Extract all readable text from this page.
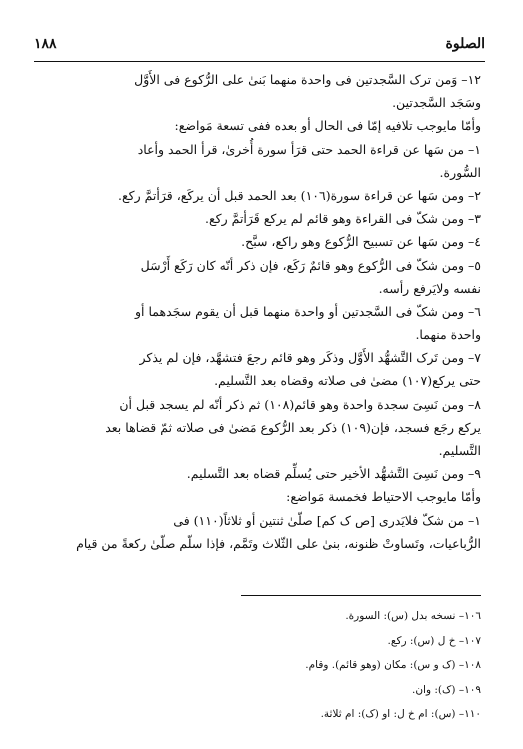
الصلوة
۱۸۸
۱۲– وَمن ترک السَّجدتین فی واحدة منهما بَنیٰ علی الرُّکوع فی الأَوَّل
وسَجَد السَّجدتین.
وأمّا مایوجب تلافیه إمّا فی الحال أو بعده ففی تسعة مَواضع:
۱– من سَها عن قراءة الحمد حتی قرَأ سورة أُخریٰ، قرأ الحمد وأعاد
السُّورة.
۲– ومن سَها عن قراءة سورة(۱۰٦) بعد الحمد قبل أن یرکَع، قرَأتمَّ رکع.
۳– ومن شکّ فی القراءة وهو قائم لم یرکع قَرَأتمَّ رکع.
٤– ومن سَها عن تسبیح الرُّکوع وهو راکع، سبَّح.
٥– ومن شکّ فی الرُّکوع وهو قائمٌ رَکَع، فإن ذکر أنّه کان رَکَع أَرْسَل
نفسه ولایَرفع رأسه.
٦– ومن شکّ فی السَّجدتین أو واحدة منهما قبل أن یقوم سجَدهما أو
واحدة منهما.
۷– ومن تَرک التَّشهُّد الأَوَّل وذکَر وهو قائم رجعَ فتشهَّد، فإن لم یذکر
حتی یرکع(۱۰۷) مضیٰ فی صلاته وقضاه بعد التَّسلیم.
۸– ومن نَسِیَ سجدة واحدة وهو قائم(۱۰۸) ثم ذکر أنّه لم یسجد قبل أن
یرکع رجَع فسجد، فإن(۱۰۹) ذکر بعد الرُّکوع مَضیٰ فی صلاته ثمّ قضاها بعد
التَّسلیم.
۹– ومن نَسِیَ التَّشهُّد الأخیر حتی یُسلِّم قضاه بعد التَّسلیم.
وأمّا مایوجب الاحتیاط فخمسة مَواضع:
۱– من شکّ فلایَدری [ص ک کم] صلّیٰ ثنتین أو ثلاثاً(۱۱۰) فی
الرُّباعیات، وتَساوتْ ظنونه، بنیٰ علی الثّلاث وتَمَّم، فإذا سلّم صلّیٰ رکعةً من قیام
۱۰٦– نسخه بدل (س): السورة.
۱۰۷– خ ل (س): رکع.
۱۰۸– (ک و س): مکان (وهو قائم). وقام.
۱۰۹– (ک): وان.
۱۱۰– (س): ام خ ل: او (ک): ام ثلاثة.
